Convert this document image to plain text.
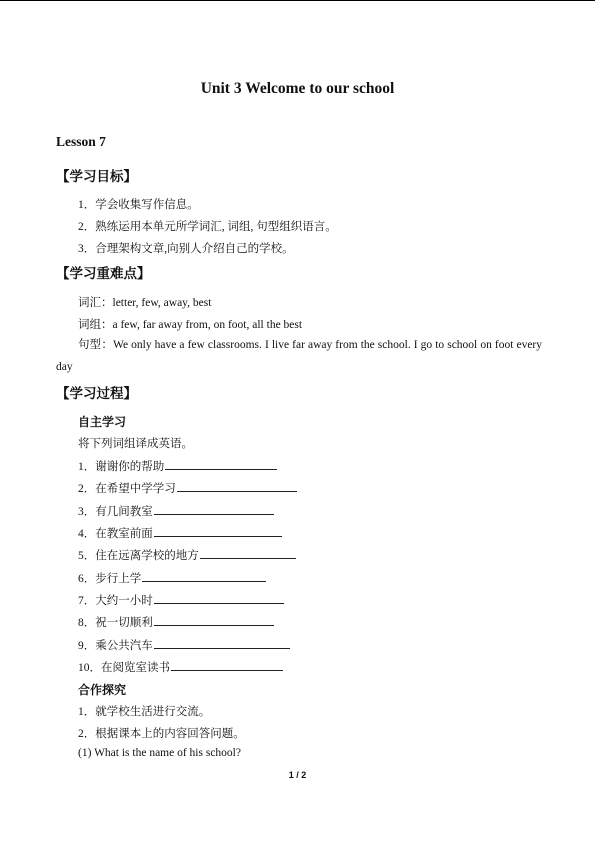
Unit 3 Welcome to our school
Lesson 7
【学习目标】
1．学会收集写作信息。
2．熟练运用本单元所学词汇, 词组, 句型组织语言。
3．合理架构文章,向别人介绍自己的学校。
【学习重难点】
词汇：letter, few, away, best
词组：a few, far away from, on foot, all the best
句型：We only have a few classrooms. I live far away from the school. I go to school on foot every day
【学习过程】
自主学习
将下列词组译成英语。
1．谢谢你的帮助
2．在希望中学学习
3．有几间教室
4．在教室前面
5．住在远离学校的地方
6．步行上学
7．大约一小时
8．祝一切顺利
9．乘公共汽车
10．在阅览室读书
合作探究
1．就学校生活进行交流。
2．根据课本上的内容回答问题。
(1) What is the name of his school?
1 / 2
